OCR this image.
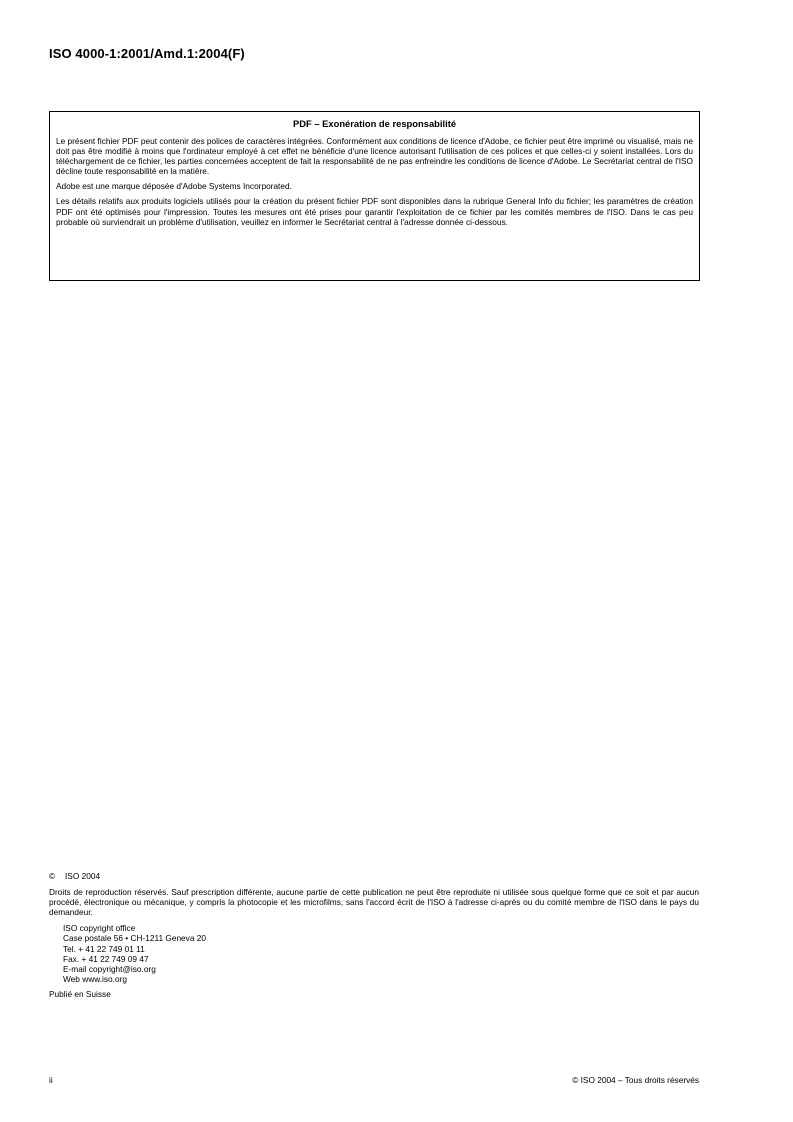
ISO 4000-1:2001/Amd.1:2004(F)
PDF – Exonération de responsabilité

Le présent fichier PDF peut contenir des polices de caractères intégrées. Conformément aux conditions de licence d'Adobe, ce fichier peut être imprimé ou visualisé, mais ne doit pas être modifié à moins que l'ordinateur employé à cet effet ne bénéficie d'une licence autorisant l'utilisation de ces polices et que celles-ci y soient installées. Lors du téléchargement de ce fichier, les parties concernées acceptent de fait la responsabilité de ne pas enfreindre les conditions de licence d'Adobe. Le Secrétariat central de l'ISO décline toute responsabilité en la matière.

Adobe est une marque déposée d'Adobe Systems Incorporated.

Les détails relatifs aux produits logiciels utilisés pour la création du présent fichier PDF sont disponibles dans la rubrique General Info du fichier; les paramètres de création PDF ont été optimisés pour l'impression. Toutes les mesures ont été prises pour garantir l'exploitation de ce fichier par les comités membres de l'ISO. Dans le cas peu probable où surviendrait un problème d'utilisation, veuillez en informer le Secrétariat central à l'adresse donnée ci-dessous.

© ISO 2004

Droits de reproduction réservés. Sauf prescription différente, aucune partie de cette publication ne peut être reproduite ni utilisée sous quelque forme que ce soit et par aucun procédé, électronique ou mécanique, y compris la photocopie et les microfilms, sans l'accord écrit de l'ISO à l'adresse ci-après ou du comité membre de l'ISO dans le pays du demandeur.

ISO copyright office
Case postale 56 • CH-1211 Geneva 20
Tel. + 41 22 749 01 11
Fax. + 41 22 749 09 47
E-mail copyright@iso.org
Web www.iso.org

Publié en Suisse

ii	© ISO 2004 – Tous droits réservés
